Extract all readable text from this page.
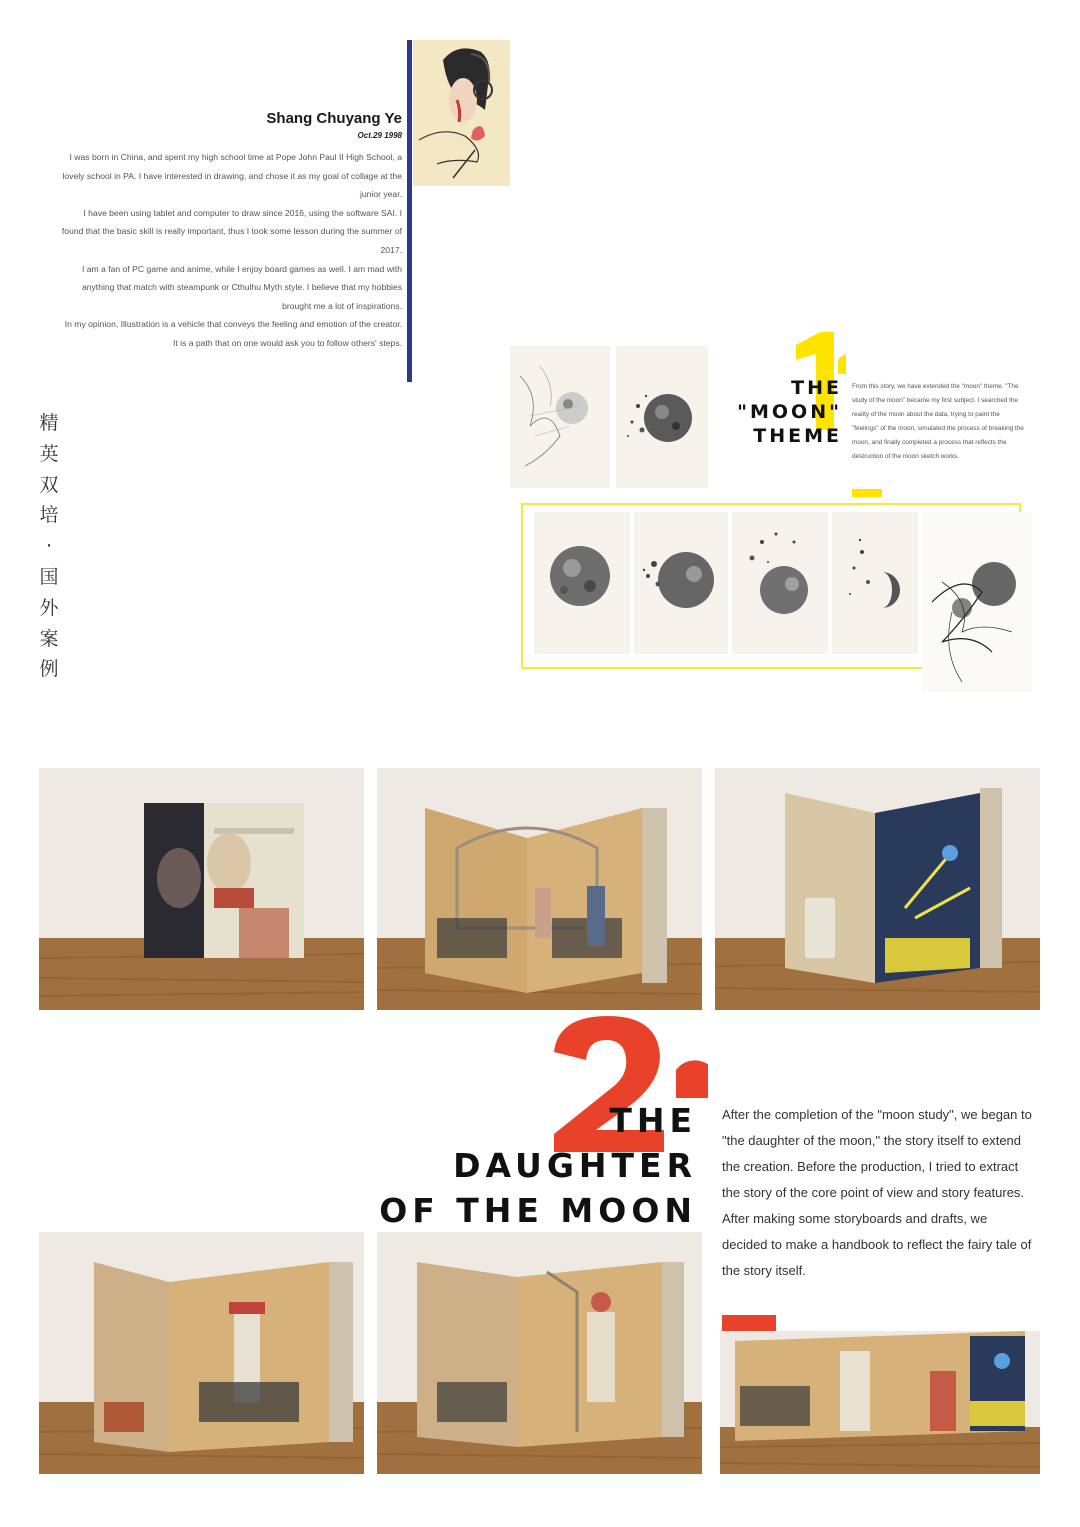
Shang Chuyang Ye
Oct.29 1998

I was born in China, and spent my high school time at Pope John Paul II High School, a lovely school in PA. I have interested in drawing, and chose it as my goal of collage at the junior year.

I have been using tablet and computer to draw since 2016, using the software SAI. I found that the basic skill is really important, thus I took some lesson during the summer of 2017.

I am a fan of PC game and anime, while I enjoy board games as well. I am mad with anything that match with steampunk or Cthulhu Myth style. I believe that my hobbies brought me a lot of inspirations.

In my opinion, Illustration is a vehicle that conveys the feeling and emotion of the creator. It is a path that on one would ask you to follow others' steps.

精
英
双
培
·
国
外
案
例
THE
"MOON"
THEME
From this story, we have extended the "moon" theme. "The study of the moon" became my first subject. I searched the reality of the moon about the data, trying to paint the "feelings" of the moon, simulated the process of breaking the moon, and finally completed a process that reflects the destruction of the moon sketch works.
THE
DAUGHTER
OF THE MOON
After the completion of the "moon study", we began to "the daughter of the moon," the story itself to extend the creation. Before the production, I tried to extract the story of the core point of view and story features. After making some storyboards and drafts, we decided to make a handbook to reflect the fairy tale of the story itself.
